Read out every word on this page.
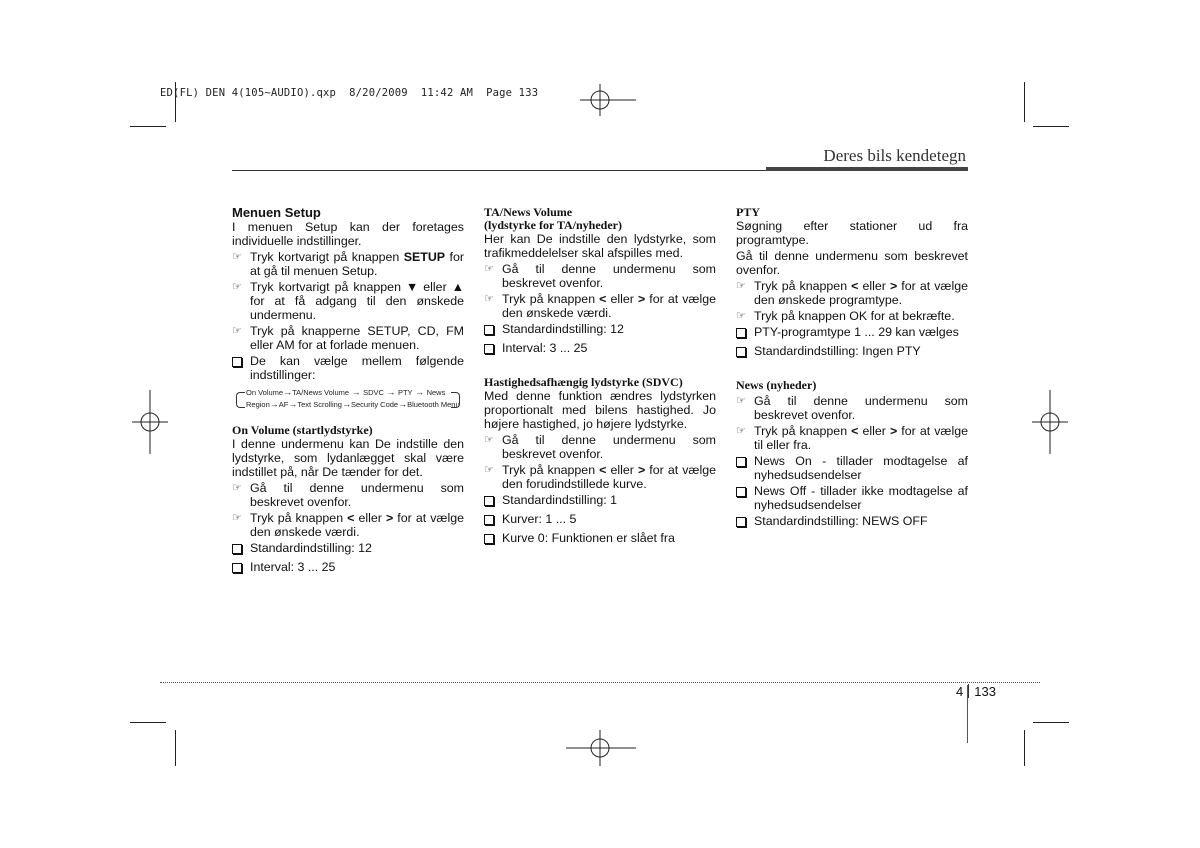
ED(FL) DEN 4(105~AUDIO).qxp  8/20/2009  11:42 AM  Page 133
Deres bils kendetegn

Menuen Setup

I menuen Setup kan der foretages individuelle indstillinger.

☞ Tryk kortvarigt på knappen SETUP for at gå til menuen Setup.
☞ Tryk kortvarigt på knappen ▼ eller ▲ for at få adgang til den ønskede undermenu.
☞ Tryk på knapperne SETUP, CD, FM eller AM for at forlade menuen.
De kan vælge mellem følgende indstillinger:
On Volume→TA/News Volume → SDVC → PTY → News
Region→AF→Text Scrolling→Security Code→Bluetooth Menu

On Volume (startlydstyrke)

I denne undermenu kan De indstille den lydstyrke, som lydanlægget skal være indstillet på, når De tænder for det.

☞ Gå til denne undermenu som beskrevet ovenfor.
☞ Tryk på knappen < eller > for at vælge den ønskede værdi.
Standardindstilling: 12
Interval: 3 ... 25

TA/News Volume

(lydstyrke for TA/nyheder)

Her kan De indstille den lydstyrke, som trafikmeddelelser skal afspilles med.

☞ Gå til denne undermenu som beskrevet ovenfor.
☞ Tryk på knappen < eller > for at vælge den ønskede værdi.
Standardindstilling: 12
Interval: 3 ... 25

Hastighedsafhængig lydstyrke (SDVC)

Med denne funktion ændres lydstyrken proportionalt med bilens hastighed. Jo højere hastighed, jo højere lydstyrke.

☞ Gå til denne undermenu som beskrevet ovenfor.
☞ Tryk på knappen < eller > for at vælge den forudindstillede kurve.
Standardindstilling: 1
Kurver: 1 ... 5
Kurve 0: Funktionen er slået fra

PTY

Søgning efter stationer ud fra programtype.

Gå til denne undermenu som beskrevet ovenfor.

☞ Tryk på knappen < eller > for at vælge den ønskede programtype.
☞ Tryk på knappen OK for at bekræfte.
PTY-programtype 1 ... 29 kan vælges
Standardindstilling: Ingen PTY

News (nyheder)

☞ Gå til denne undermenu som beskrevet ovenfor.
☞ Tryk på knappen < eller > for at vælge til eller fra.
News On - tillader modtagelse af nyhedsudsendelser
News Off - tillader ikke modtagelse af nyhedsudsendelser
Standardindstilling: NEWS OFF
4 133
